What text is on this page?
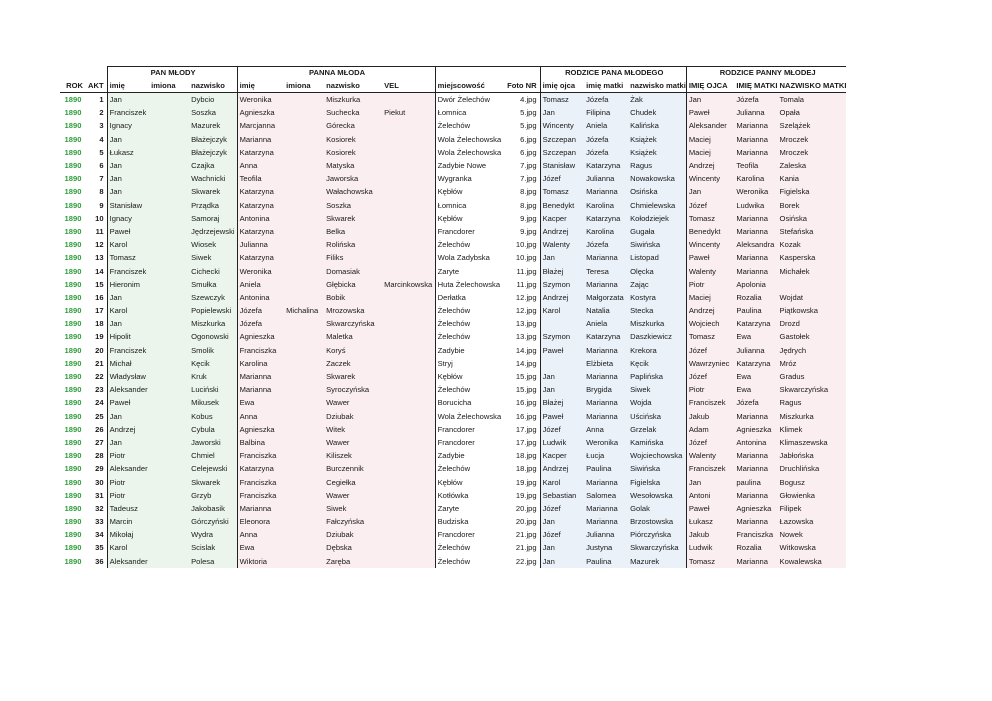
		PAN MŁODY			PANNA MŁODA						RODZICE PANA MŁODEGO			RODZICE PANNY MŁODEJ		
ROK	AKT	imię	imiona	nazwisko	imię	imiona	nazwisko	VEL	miejscowość	Foto NR	imię ojca	imię matki	nazwisko matki	IMIĘ OJCA	IMIĘ MATKI	NAZWISKO MATKI
1890	1	Jan		Dybcio	Weronika		Miszkurka		Dwór Żelechów	4.jpg	Tomasz	Józefa	Żak	Jan	Józefa	Tomala
1890	2	Franciszek		Soszka	Agnieszka		Suchecka	Piekut	Łomnica	5.jpg	Jan	Filipina	Chudek	Paweł	Julianna	Opała
1890	3	Ignacy		Mazurek	Marcjanna		Górecka		Żelechów	5.jpg	Wincenty	Aniela	Kalińska	Aleksander	Marianna	Szelążek
1890	4	Jan		Błażejczyk	Marianna		Kosiorek		Wola Żelechowska	6.jpg	Szczepan	Józefa	Książek	Maciej	Marianna	Mroczek
1890	5	Łukasz		Błażejczyk	Katarzyna		Kosiorek		Wola Żelechowska	6.jpg	Szczepan	Józefa	Książek	Maciej	Marianna	Mroczek
1890	6	Jan		Czajka	Anna		Matyska		Zadybie Nowe	7.jpg	Stanisław	Katarzyna	Ragus	Andrzej	Teofila	Zaleska
1890	7	Jan		Wachnicki	Teofila		Jaworska		Wygranka	7.jpg	Józef	Julianna	Nowakowska	Wincenty	Karolina	Kania
1890	8	Jan		Skwarek	Katarzyna		Wałachowska		Kębłów	8.jpg	Tomasz	Marianna	Osińska	Jan	Weronika	Figielska
1890	9	Stanisław		Prządka	Katarzyna		Soszka		Łomnica	8.jpg	Benedykt	Karolina	Chmielewska	Józef	Ludwika	Borek
1890	10	Ignacy		Samoraj	Antonina		Skwarek		Kębłów	9.jpg	Kacper	Katarzyna	Kołodziejek	Tomasz	Marianna	Osińska
1890	11	Paweł		Jędrzejewski	Katarzyna		Belka		Francdorer	9.jpg	Andrzej	Karolina	Gugała	Benedykt	Marianna	Stefańska
1890	12	Karol		Wiosek	Julianna		Rolińska		Żelechów	10.jpg	Walenty	Józefa	Siwińska	Wincenty	Aleksandra	Kozak
1890	13	Tomasz		Siwek	Katarzyna		Filiks		Wola Zadybska	10.jpg	Jan	Marianna	Listopad	Paweł	Marianna	Kasperska
1890	14	Franciszek		Cichecki	Weronika		Domasiak		Zaryte	11.jpg	Błażej	Teresa	Olęcka	Walenty	Marianna	Michałek
1890	15	Hieronim		Smułka	Aniela		Głębicka	Marcinkowska	Huta Żelechowska	11.jpg	Szymon	Marianna	Zając	Piotr	Apolonia	
1890	16	Jan		Szewczyk	Antonina		Bobik		Derłatka	12.jpg	Andrzej	Małgorzata	Kostyra	Maciej	Rozalia	Wojdat
1890	17	Karol		Popielewski	Józefa	Michalina	Mrozowska		Żelechów	12.jpg	Karol	Natalia	Stecka	Andrzej	Paulina	Piątkowska
1890	18	Jan		Miszkurka	Józefa		Skwarczyńska		Żelechów	13.jpg		Aniela	Miszkurka	Wojciech	Katarzyna	Drozd
1890	19	Hipolit		Ogonowski	Agnieszka		Maletka		Żelechów	13.jpg	Szymon	Katarzyna	Daszkiewicz	Tomasz	Ewa	Gastołek
1890	20	Franciszek		Smolik	Franciszka		Koryś		Zadybie	14.jpg	Paweł	Marianna	Krekora	Józef	Julianna	Jędrych
1890	21	Michał		Kęcik	Karolina		Zaczek		Stryj	14.jpg		Elżbieta	Kęcik	Wawrzyniec	Katarzyna	Mróz
1890	22	Władysław		Kruk	Marianna		Skwarek		Kębłów	15.jpg	Jan	Marianna	Paplińska	Józef	Ewa	Gradus
1890	23	Aleksander		Luciński	Marianna		Syroczyńska		Żelechów	15.jpg	Jan	Brygida	Siwek	Piotr	Ewa	Skwarczyńska
1890	24	Paweł		Mikusek	Ewa		Wawer		Borucicha	16.jpg	Błażej	Marianna	Wojda	Franciszek	Józefa	Ragus
1890	25	Jan		Kobus	Anna		Dziubak		Wola Żelechowska	16.jpg	Paweł	Marianna	Uścińska	Jakub	Marianna	Miszkurka
1890	26	Andrzej		Cybula	Agnieszka		Witek		Francdorer	17.jpg	Józef	Anna	Grzelak	Adam	Agnieszka	Klimek
1890	27	Jan		Jaworski	Balbina		Wawer		Francdorer	17.jpg	Ludwik	Weronika	Kamińska	Józef	Antonina	Klimaszewska
1890	28	Piotr		Chmiel	Franciszka		Kiliszek		Zadybie	18.jpg	Kacper	Łucja	Wojciechowska	Walenty	Marianna	Jabłońska
1890	29	Aleksander		Celejewski	Katarzyna		Burczennik		Żelechów	18.jpg	Andrzej	Paulina	Siwińska	Franciszek	Marianna	Druchlińska
1890	30	Piotr		Skwarek	Franciszka		Cegiełka		Kębłów	19.jpg	Karol	Marianna	Figielska	Jan	paulina	Bogusz
1890	31	Piotr		Grzyb	Franciszka		Wawer		Kotłówka	19.jpg	Sebastian	Salomea	Wesołowska	Antoni	Marianna	Głowienka
1890	32	Tadeusz		Jakobasik	Marianna		Siwek		Zaryte	20.jpg	Józef	Marianna	Golak	Paweł	Agnieszka	Filipek
1890	33	Marcin		Górczyński	Eleonora		Fałczyńska		Budziska	20.jpg	Jan	Marianna	Brzostowska	Łukasz	Marianna	Łazowska
1890	34	Mikołaj		Wydra	Anna		Dziubak		Francdorer	21.jpg	Józef	Julianna	Piórczyńska	Jakub	Franciszka	Nowek
1890	35	Karol		Scislak	Ewa		Dębska		Żelechów	21.jpg	Jan	Justyna	Skwarczyńska	Ludwik	Rozalia	Witkowska
1890	36	Aleksander		Polesa	Wiktoria		Zaręba		Żelechów	22.jpg	Jan	Paulina	Mazurek	Tomasz	Marianna	Kowalewska
